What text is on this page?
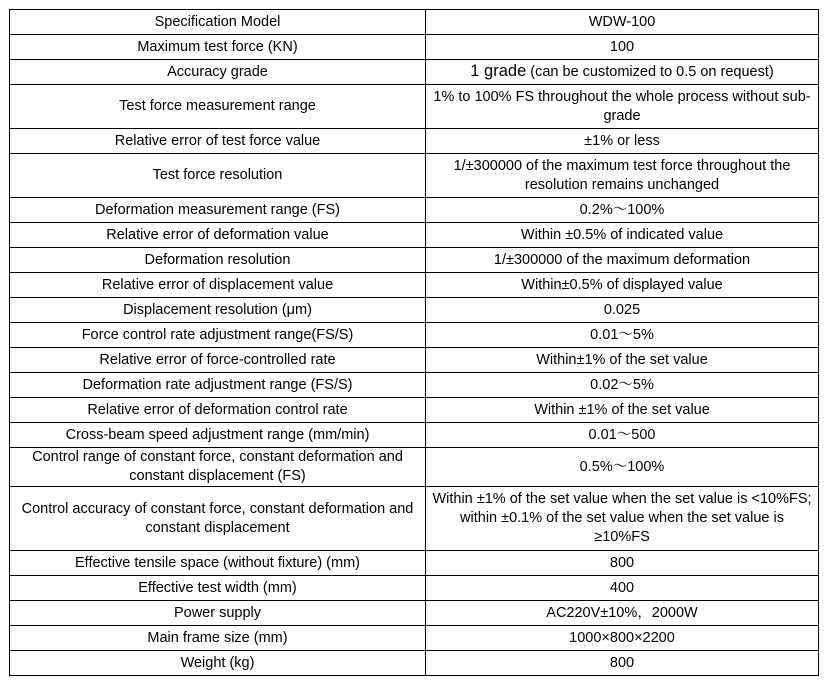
Specification Model	WDW-100
Maximum test force (KN)	100
Accuracy grade	1 grade (can be customized to 0.5 on request)
Test force measurement range	1% to 100% FS throughout the whole process without sub-grade
Relative error of test force value	±1% or less
Test force resolution	1/±300000 of the maximum test force throughout the resolution remains unchanged
Deformation measurement range (FS)	0.2%～100%
Relative error of deformation value	Within ±0.5% of indicated value
Deformation resolution	1/±300000 of the maximum deformation
Relative error of displacement value	Within±0.5% of displayed value
Displacement resolution (μm)	0.025
Force control rate adjustment range(FS/S)	0.01～5%
Relative error of force-controlled rate	Within±1% of the set value
Deformation rate adjustment range (FS/S)	0.02～5%
Relative error of deformation control rate	Within ±1% of the set value
Cross-beam speed adjustment range (mm/min)	0.01～500
Control range of constant force, constant deformation and constant displacement (FS)	0.5%～100%
Control accuracy of constant force, constant deformation and constant displacement	Within ±1% of the set value when the set value is <10%FS; within ±0.1% of the set value when the set value is ≥10%FS
Effective tensile space (without fixture) (mm)	800
Effective test width (mm)	400
Power supply	AC220V±10%，2000W
Main frame size (mm)	1000×800×2200
Weight (kg)	800
